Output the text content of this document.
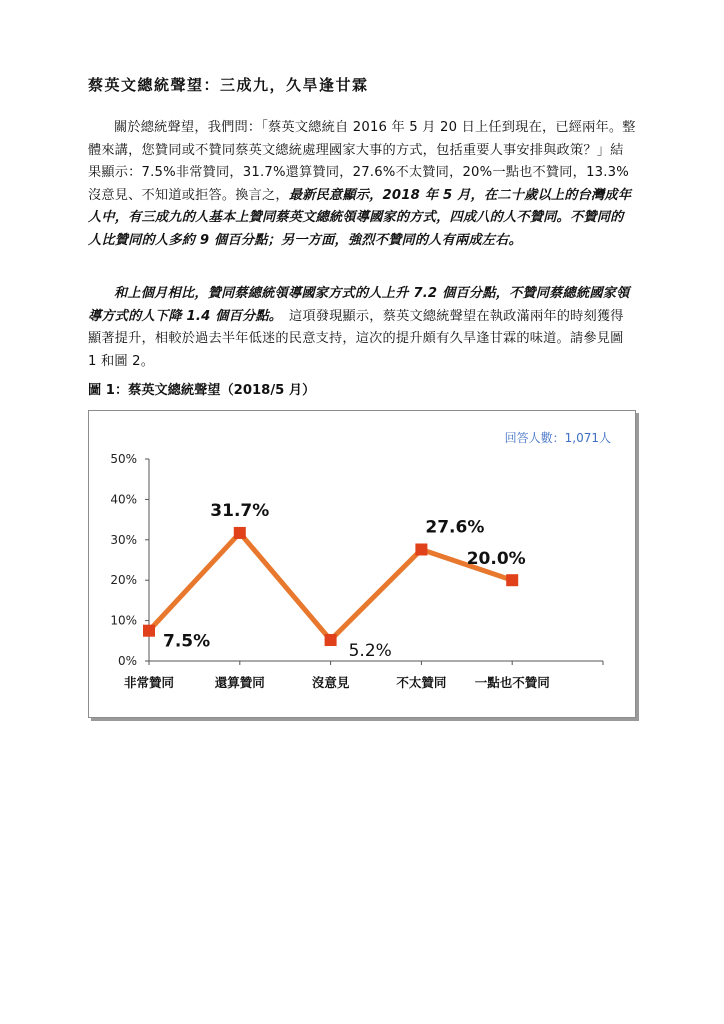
蔡英文總統聲望：三成九，久旱逢甘霖
關於總統聲望，我們問：「蔡英文總統自 2016 年 5 月 20 日上任到現在，已經兩年。整體來講，您贊同或不贊同蔡英文總統處理國家大事的方式，包括重要人事安排與政策？」結果顯示：7.5%非常贊同，31.7%還算贊同，27.6%不太贊同，20%一點也不贊同，13.3%沒意見、不知道或拒答。換言之，最新民意顯示，2018 年 5 月，在二十歲以上的台灣成年人中，有三成九的人基本上贊同蔡英文總統領導國家的方式，四成八的人不贊同。不贊同的人比贊同的人多約 9 個百分點；另一方面，強烈不贊同的人有兩成左右。
和上個月相比，贊同蔡總統領導國家方式的人上升 7.2 個百分點，不贊同蔡總統國家領導方式的人下降 1.4 個百分點。　這項發現顯示，蔡英文總統聲望在執政滿兩年的時刻獲得顯著提升，相較於過去半年低迷的民意支持，這次的提升頗有久旱逢甘霖的味道。請參見圖 1 和圖 2。
圖 1：蔡英文總統聲望（2018/5 月）
回答人數：1,071人
0%
10%
20%
30%
40%
50%
非常贊同	還算贊同	沒意見	不太贊同 一點也不贊同
7.5%
31.7%
5.2%
27.6%
20.0%
